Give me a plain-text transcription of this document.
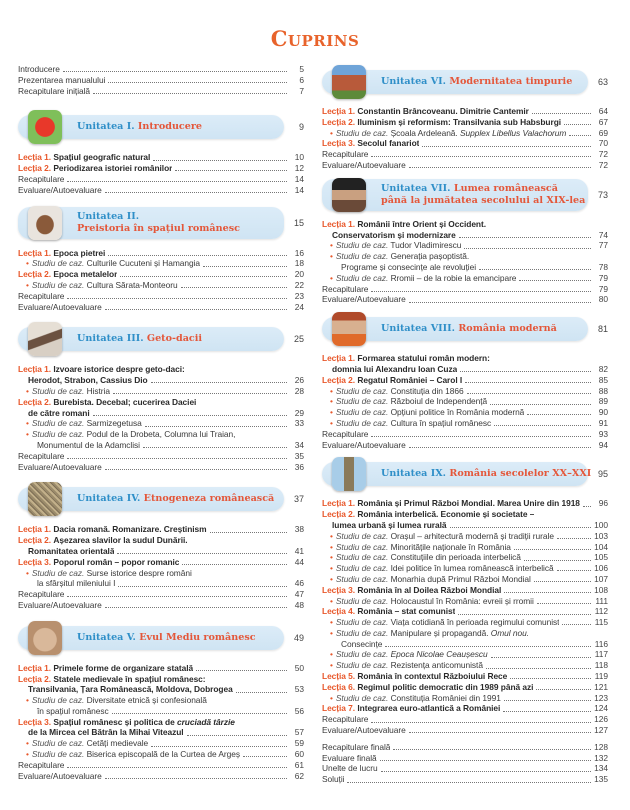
Cuprins
Introducere	5
Prezentarea manualului	6
Recapitulare inițială	7
Unitatea I. Introducere	9
Lecția 1. Spațiul geografic natural	10
Lecția 2. Periodizarea istoriei românilor	12
Recapitulare	14
Evaluare/Autoevaluare	14
Unitatea II.
Preistoria în spațiul românesc	15
Lecția 1. Epoca pietrei	16
• Studiu de caz. Culturile Cucuteni și Hamangia	18
Lecția 2. Epoca metalelor	20
• Studiu de caz. Cultura Sărata-Monteoru	22
Recapitulare	23
Evaluare/Autoevaluare	24
Unitatea III. Geto-dacii	25
Lecția 1. Izvoare istorice despre geto-daci:
Herodot, Strabon, Cassius Dio	26
• Studiu de caz. Histria	28
Lecția 2. Burebista. Decebal; cucerirea Daciei
de către romani	29
• Studiu de caz. Sarmizegetusa	33
• Studiu de caz. Podul de la Drobeta, Columna lui Traian,
Monumentul de la Adamclisi	34
Recapitulare	35
Evaluare/Autoevaluare	36
Unitatea IV. Etnogeneza românească 37
Lecția 1. Dacia romană. Romanizare. Creștinism	38
Lecția 2. Așezarea slavilor la sudul Dunării.
Romanitatea orientală	41
Lecția 3. Poporul român – popor romanic	44
• Studiu de caz. Surse istorice despre români
la sfârșitul mileniului I	46
Recapitulare	47
Evaluare/Autoevaluare	48
Unitatea V. Evul Mediu românesc	49
Lecția 1. Primele forme de organizare statală	50
Lecția 2. Statele medievale în spațiul românesc:
Transilvania, Țara Românească, Moldova, Dobrogea	53
• Studiu de caz. Diversitate etnică și confesională
în spațiul românesc	56
Lecția 3. Spațiul românesc și politica de cruciadă târzie
de la Mircea cel Bătrân la Mihai Viteazul	57
• Studiu de caz. Cetăți medievale	59
• Studiu de caz. Biserica episcopală de la Curtea de Argeș	60
Recapitulare	61
Evaluare/Autoevaluare	62
Unitatea VI. Modernitatea timpurie	63
Lecția 1. Constantin Brâncoveanu. Dimitrie Cantemir	64
Lecția 2. Iluminism și reformism: Transilvania sub Habsburgi	67
• Studiu de caz. Școala Ardeleană. Supplex Libellus Valachorum	69
Lecția 3. Secolul fanariot	70
Recapitulare	72
Evaluare/Autoevaluare	72
Unitatea VII. Lumea românească
până la jumătatea secolului al XIX-lea 73
Lecția 1. Românii între Orient și Occident.
Conservatorism și modernizare	74
• Studiu de caz. Tudor Vladimirescu	77
• Studiu de caz. Generația pașoptistă.
Programe și consecințe ale revoluției	78
• Studiu de caz. Rromii – de la robie la emancipare	79
Recapitulare	79
Evaluare/Autoevaluare	80
Unitatea VIII. România modernă	81
Lecția 1. Formarea statului român modern:
domnia lui Alexandru Ioan Cuza	82
Lecția 2. Regatul României – Carol I	85
• Studiu de caz. Constituția din 1866	88
• Studiu de caz. Războiul de Independență	89
• Studiu de caz. Opțiuni politice în România modernă	90
• Studiu de caz. Cultura în spațiul românesc	91
Recapitulare	93
Evaluare/Autoevaluare	94
Unitatea IX. România secolelor XX–XXI 95
Lecția 1. România și Primul Război Mondial. Marea Unire din 1918	96
Lecția 2. România interbelică. Economie și societate –
lumea urbană și lumea rurală	100
• Studiu de caz. Orașul – arhitectură modernă și tradiții rurale	103
• Studiu de caz. Minoritățile naționale în România	104
• Studiu de caz. Constituțiile din perioada interbelică	105
• Studiu de caz. Idei politice în lumea românească interbelică	106
• Studiu de caz. Monarhia după Primul Război Mondial	107
Lecția 3. România în al Doilea Război Mondial	108
• Studiu de caz. Holocaustul în România: evreii și rromii	111
Lecția 4. România – stat comunist	112
• Studiu de caz. Viața cotidiană în perioada regimului comunist	115
• Studiu de caz. Manipulare și propagandă. Omul nou.
Consecințe	116
• Studiu de caz. Epoca Nicolae Ceaușescu	117
• Studiu de caz. Rezistența anticomunistă	118
Lecția 5. România în contextul Războiului Rece	119
Lecția 6. Regimul politic democratic din 1989 până azi	121
• Studiu de caz. Constituția României din 1991	123
Lecția 7. Integrarea euro-atlantică a României	124
Recapitulare	126
Evaluare/Autoevaluare	127
Recapitulare finală	128
Evaluare finală	132
Unelte de lucru	134
Soluții	135
